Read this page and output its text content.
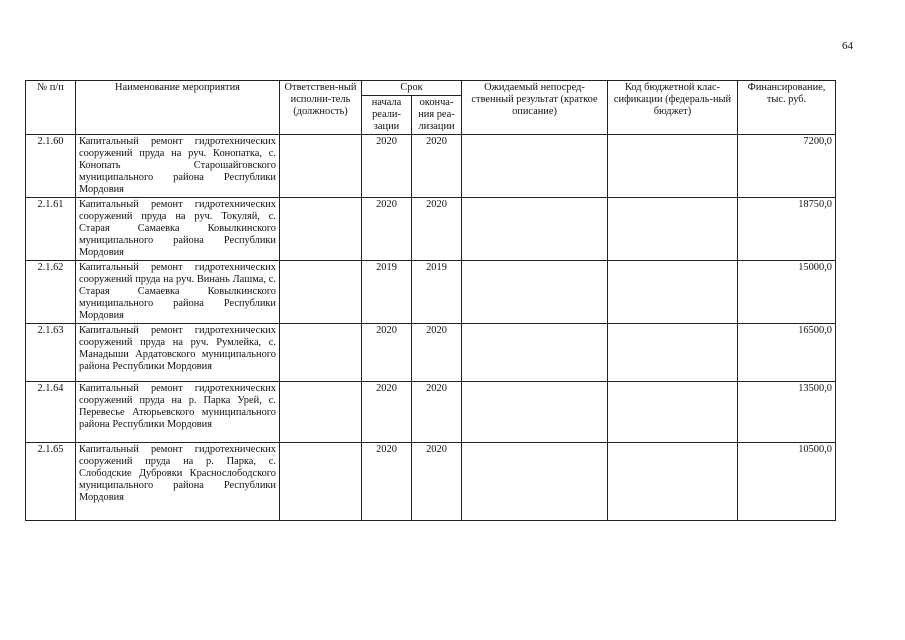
64
№ п/п	Наименование мероприятия	Ответствен-ный исполни-тель (должность)	Срок		Ожидаемый непосред-ственный результат (краткое описание)	Код бюджетной клас-сификации (федераль-ный бюджет)	Финансирование, тыс. руб.
			начала реали-зации	оконча-ния реа-лизации			
2.1.60	Капитальный ремонт гидротехнических сооружений пруда на руч. Конопатка, с. Конопать Старошайговского муниципального района Республики Мордовия		2020	2020			7200,0
2.1.61	Капитальный ремонт гидротехнических сооружений пруда на руч. Токуляй, с. Старая Самаевка Ковылкинского муниципального района Республики Мордовия		2020	2020			18750,0
2.1.62	Капитальный ремонт гидротехнических сооружений пруда на руч. Винань Лашма, с. Старая Самаевка Ковылкинского муниципального района Республики Мордовия		2019	2019			15000,0
2.1.63	Капитальный ремонт гидротехнических сооружений пруда на руч. Румлейка, с. Манадыши Ардатовского муниципального района Республики Мордовия		2020	2020			16500,0
2.1.64	Капитальный ремонт гидротехнических сооружений пруда на р. Парка Урей, с. Перевесье Атюрьевского муниципального района Республики Мордовия		2020	2020			13500,0
2.1.65	Капитальный ремонт гидротехнических сооружений пруда на р. Парка, с. Слободские Дубровки Краснослободского муниципального района Республики Мордовия		2020	2020			10500,0
